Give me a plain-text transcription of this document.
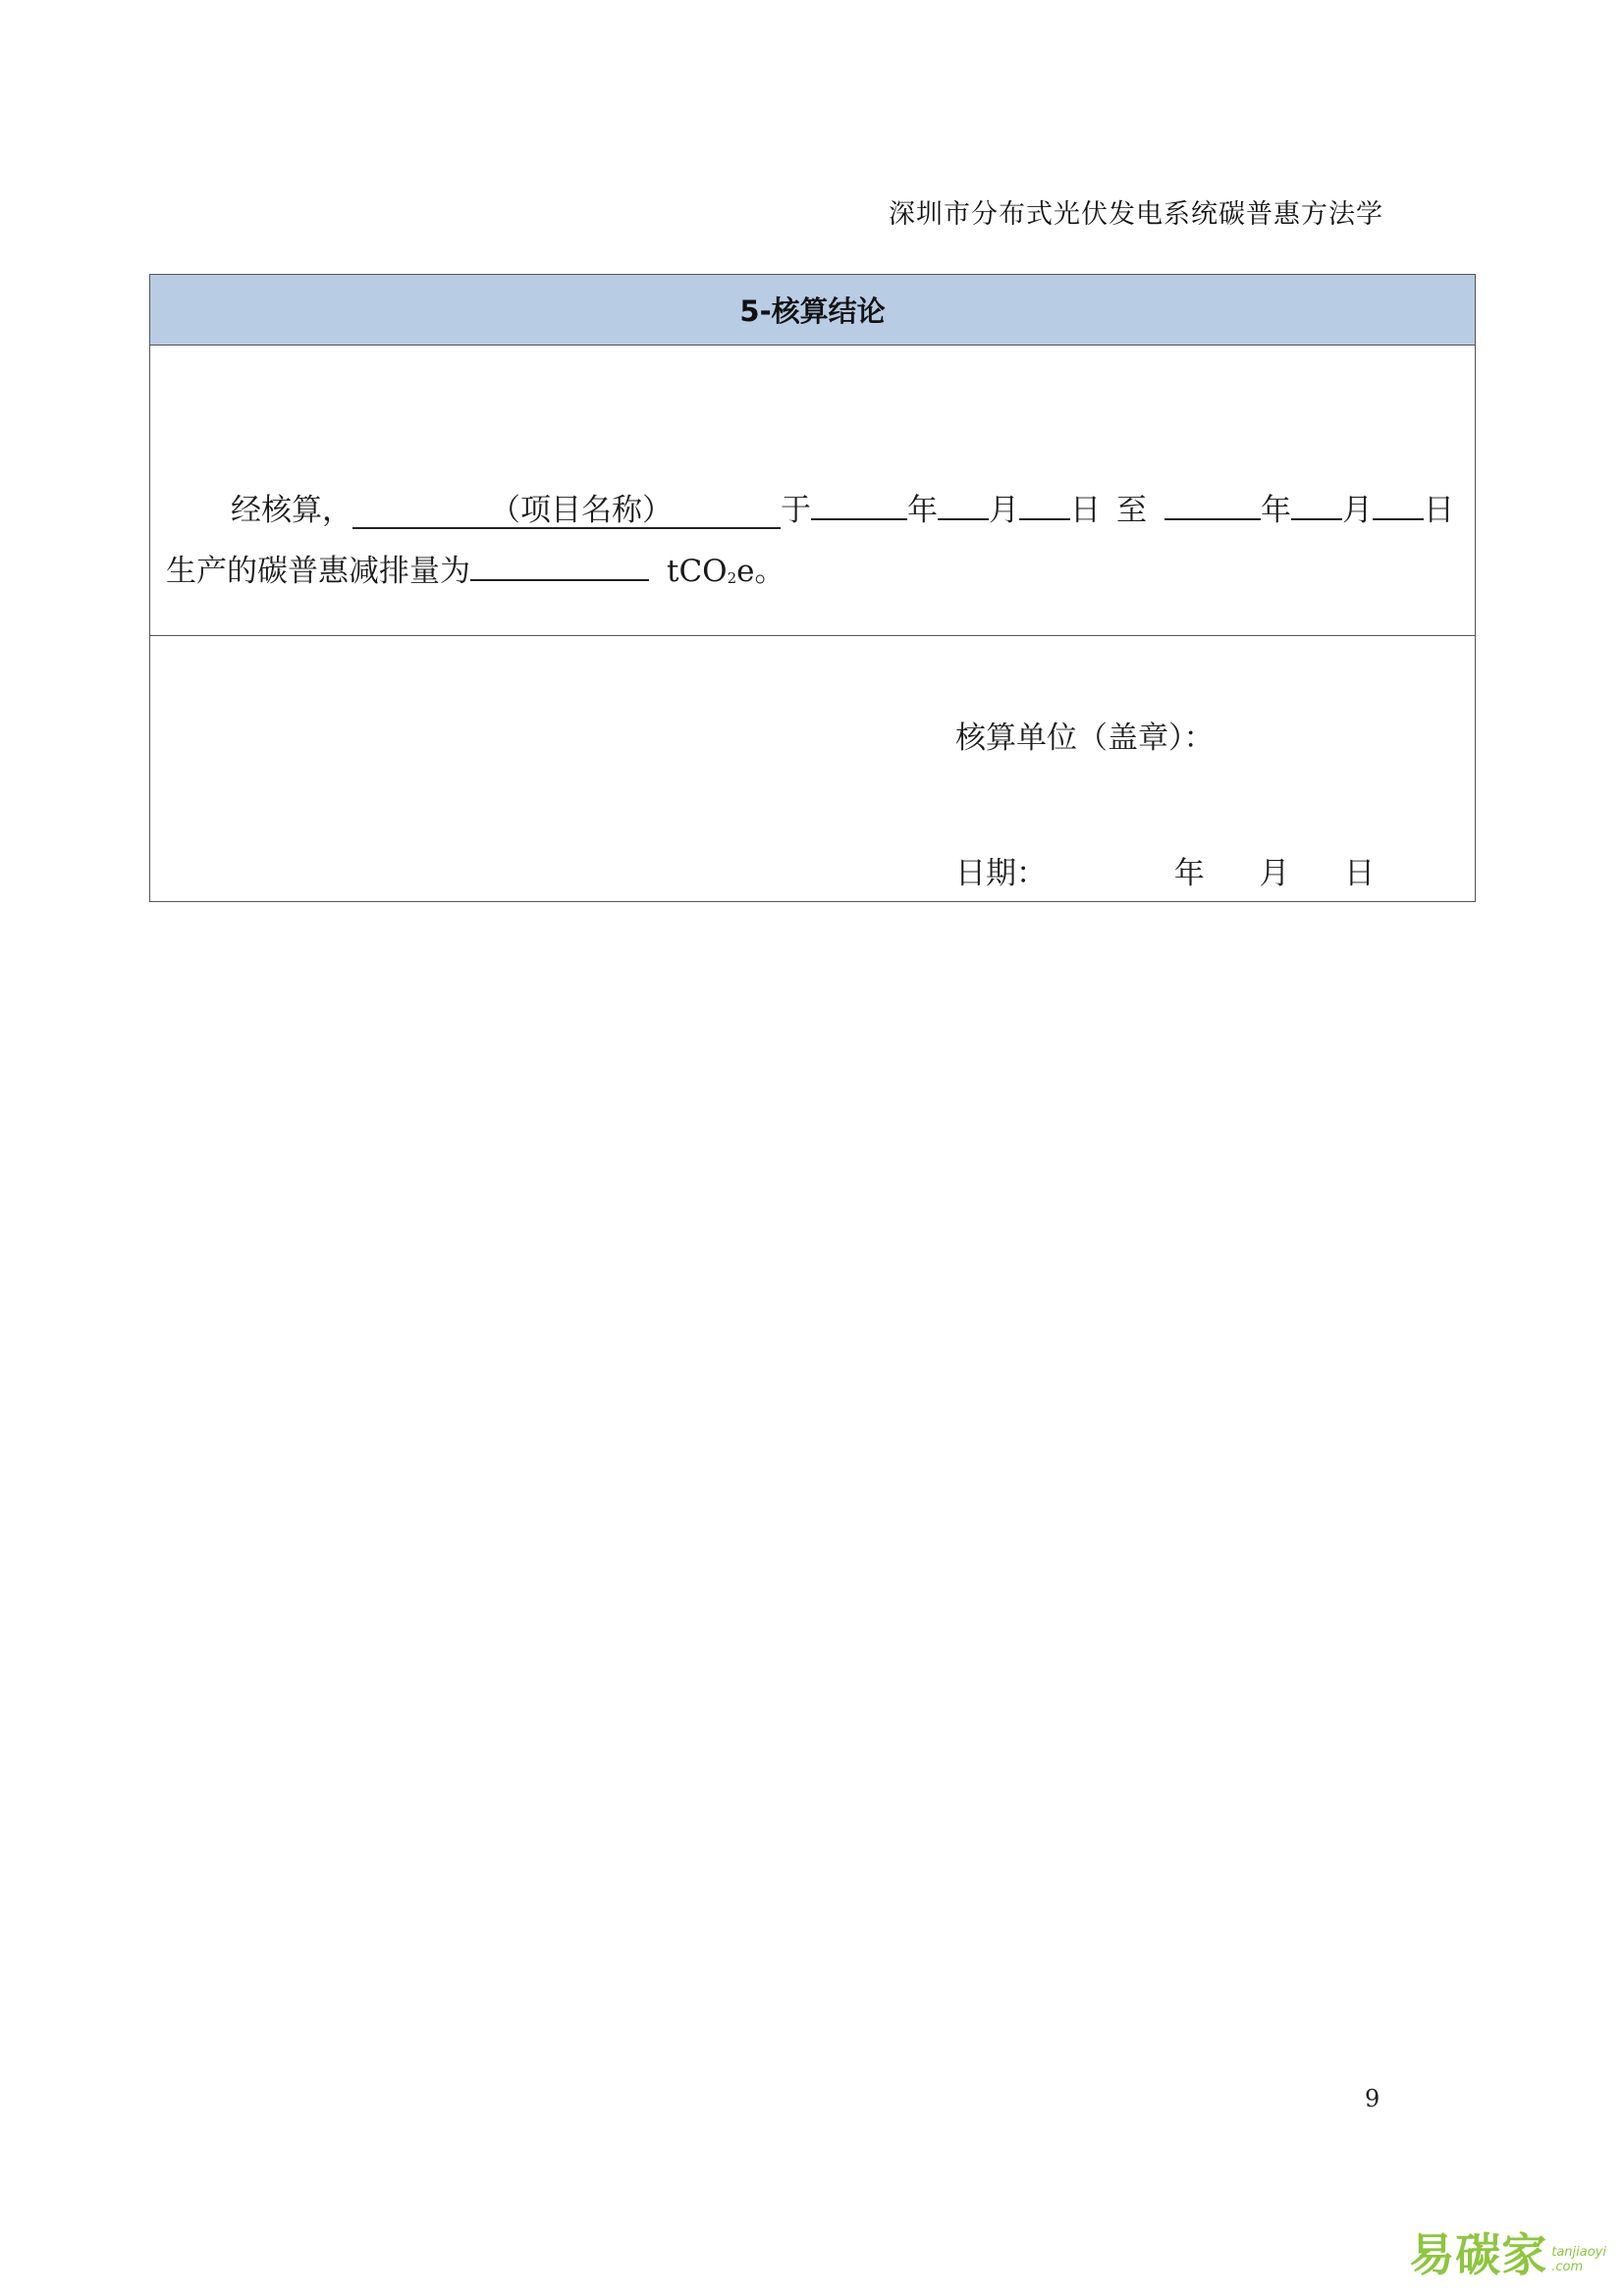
深圳市分布式光伏发电系统碳普惠方法学
5-核算结论
经核算，	（项目名称）	于	年 月 日 至	年 月 日
生产的碳普惠减排量为	tCO$_2$e。
核算单位（盖章）：
日期：	年 月 日
9
易碳家 tanjiaoyi
.com
